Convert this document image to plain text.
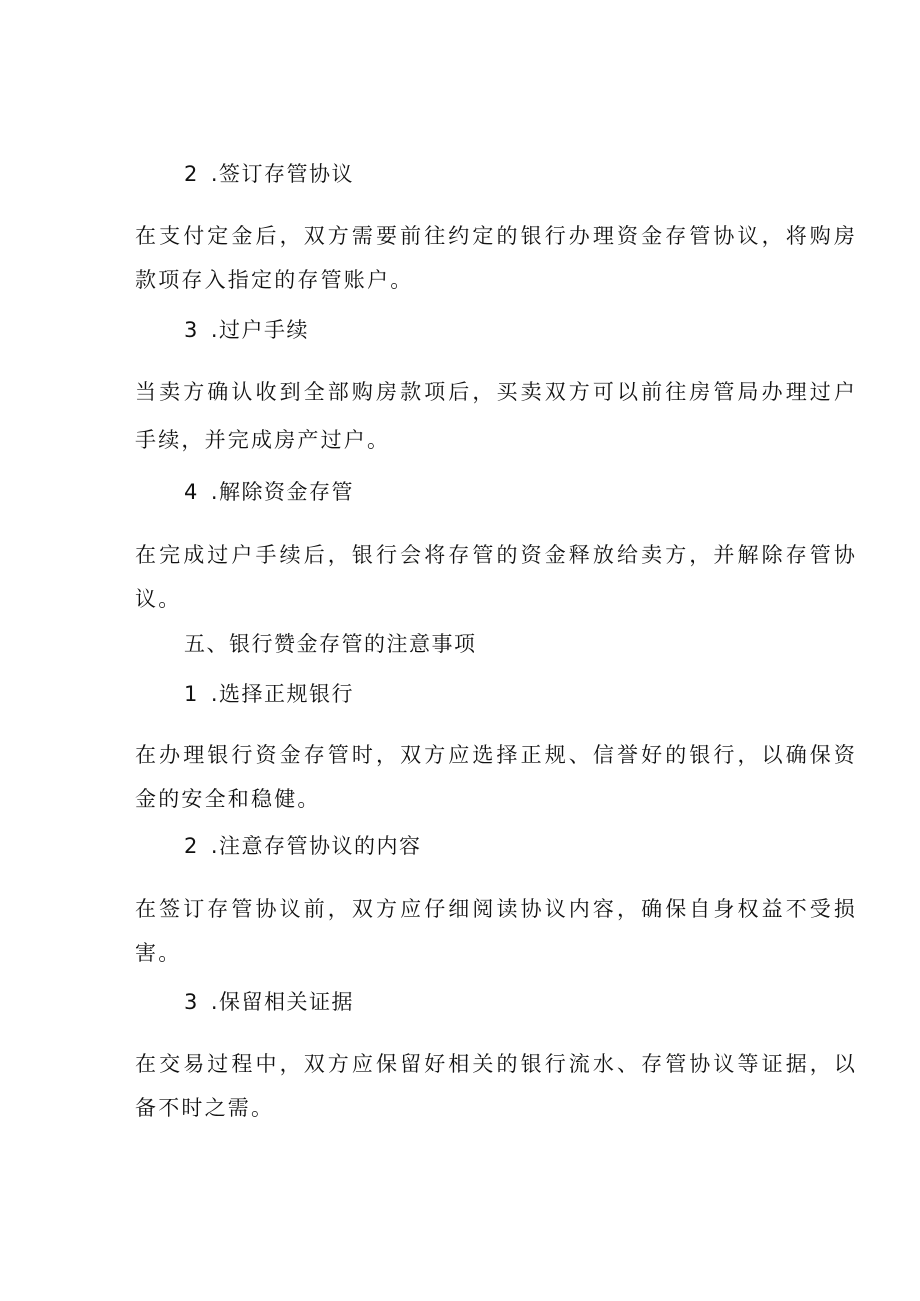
2 .签订存管协议

在支付定金后，双方需要前往约定的银行办理资金存管协议，将购房

款项存入指定的存管账户。

3 .过户手续

当卖方确认收到全部购房款项后，买卖双方可以前往房管局办理过户

手续，并完成房产过户。

4 .解除资金存管

在完成过户手续后，银行会将存管的资金释放给卖方，并解除存管协

议。

五、银行赞金存管的注意事项
1 .选择正规银行

在办理银行资金存管时，双方应选择正规、信誉好的银行，以确保资

金的安全和稳健。

2 .注意存管协议的内容

在签订存管协议前，双方应仔细阅读协议内容，确保自身权益不受损

害。

3 .保留相关证据

在交易过程中，双方应保留好相关的银行流水、存管协议等证据，以

备不时之需。
